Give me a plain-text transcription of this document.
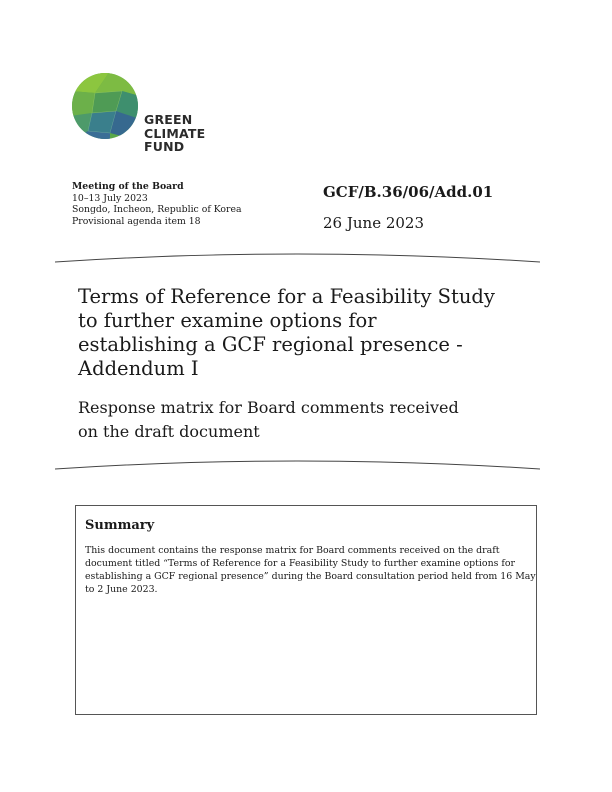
GREEN
CLIMATE
FUND
Meeting of the Board
10–13 July 2023
Songdo, Incheon, Republic of Korea
Provisional agenda item 18
GCF/B.36/06/Add.01
26 June 2023
Terms of Reference for a Feasibility Study
to further examine options for
establishing a GCF regional presence -
Addendum I
Response matrix for Board comments received
on the draft document
Summary
This document contains the response matrix for Board comments received on the draft
document titled “Terms of Reference for a Feasibility Study to further examine options for
establishing a GCF regional presence” during the Board consultation period held from 16 May
to 2 June 2023.
